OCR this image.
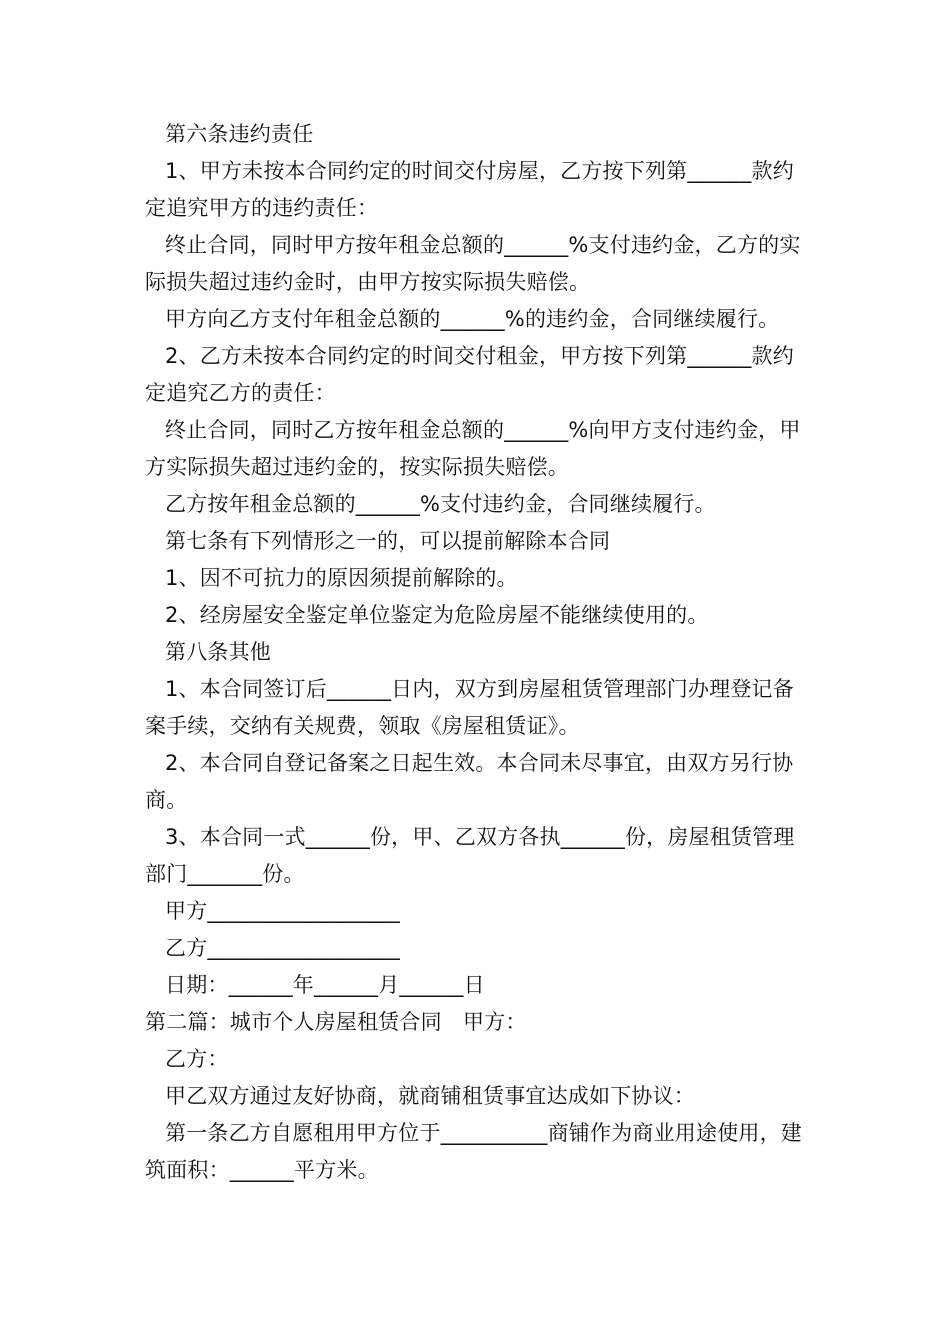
第六条违约责任

1、甲方未按本合同约定的时间交付房屋，乙方按下列第______款约定追究甲方的违约责任：

终止合同，同时甲方按年租金总额的______%支付违约金，乙方的实际损失超过违约金时，由甲方按实际损失赔偿。

甲方向乙方支付年租金总额的______%的违约金，合同继续履行。

2、乙方未按本合同约定的时间交付租金，甲方按下列第______款约定追究乙方的责任：

终止合同，同时乙方按年租金总额的______%向甲方支付违约金，甲方实际损失超过违约金的，按实际损失赔偿。

乙方按年租金总额的______%支付违约金，合同继续履行。

第七条有下列情形之一的，可以提前解除本合同

1、因不可抗力的原因须提前解除的。

2、经房屋安全鉴定单位鉴定为危险房屋不能继续使用的。

第八条其他

1、本合同签订后______日内，双方到房屋租赁管理部门办理登记备案手续，交纳有关规费，领取《房屋租赁证》。

2、本合同自登记备案之日起生效。本合同未尽事宜，由双方另行协商。

3、本合同一式______份，甲、乙双方各执______份，房屋租赁管理部门_______份。

甲方__________________

乙方__________________

日期：______年______月______日

第二篇：城市个人房屋租赁合同　甲方：

乙方：

甲乙双方通过友好协商，就商铺租赁事宜达成如下协议：

第一条乙方自愿租用甲方位于__________商铺作为商业用途使用，建筑面积：______平方米。
